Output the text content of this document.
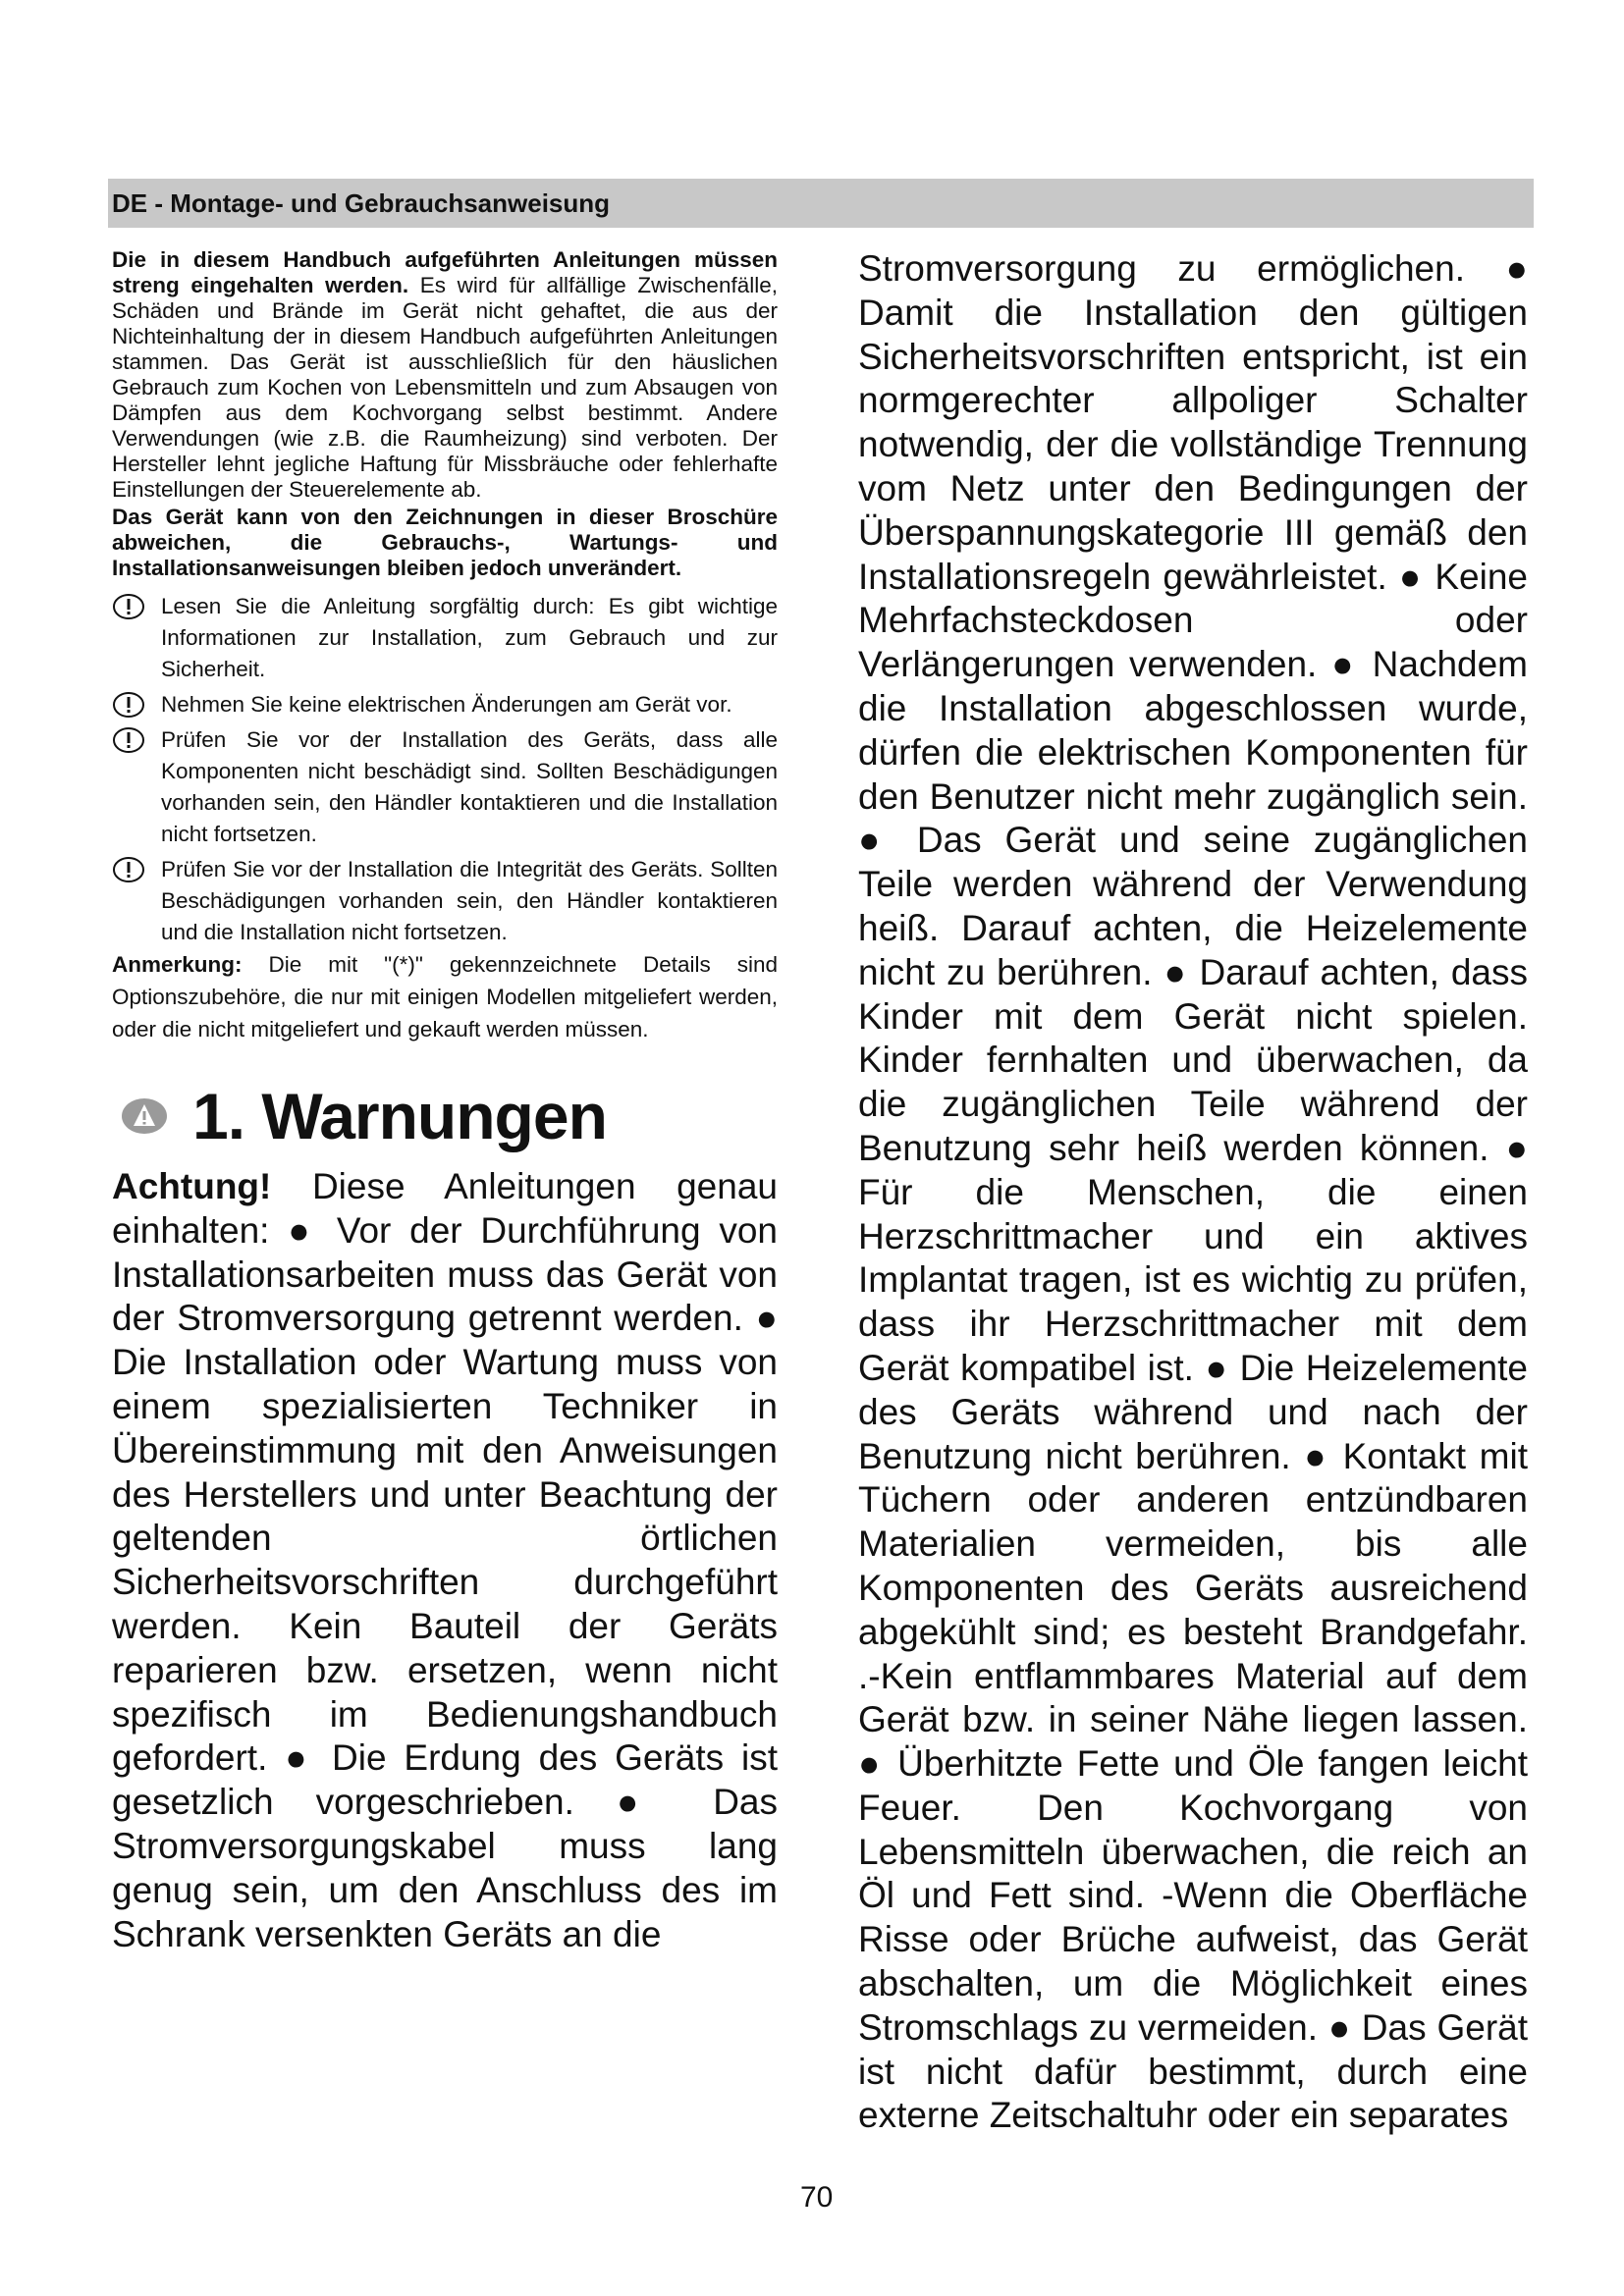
DE - Montage- und Gebrauchsanweisung

Die in diesem Handbuch aufgeführten Anleitungen müssen streng eingehalten werden. Es wird für allfällige Zwischenfälle, Schäden und Brände im Gerät nicht gehaftet, die aus der Nichteinhaltung der in diesem Handbuch aufgeführten Anleitungen stammen. Das Gerät ist ausschließlich für den häuslichen Gebrauch zum Kochen von Lebensmitteln und zum Absaugen von Dämpfen aus dem Kochvorgang selbst bestimmt. Andere Verwendungen (wie z.B. die Raumheizung) sind verboten. Der Hersteller lehnt jegliche Haftung für Missbräuche oder fehlerhafte Einstellungen der Steuerelemente ab.

Das Gerät kann von den Zeichnungen in dieser Broschüre abweichen, die Gebrauchs-, Wartungs- und Installationsanweisungen bleiben jedoch unverändert.

Lesen Sie die Anleitung sorgfältig durch: Es gibt wichtige Informationen zur Installation, zum Gebrauch und zur Sicherheit.

Nehmen Sie keine elektrischen Änderungen am Gerät vor.

Prüfen Sie vor der Installation des Geräts, dass alle Komponenten nicht beschädigt sind. Sollten Beschädigungen vorhanden sein, den Händler kontaktieren und die Installation nicht fortsetzen.

Prüfen Sie vor der Installation die Integrität des Geräts. Sollten Beschädigungen vorhanden sein, den Händler kontaktieren und die Installation nicht fortsetzen.

Anmerkung: Die mit "(*)" gekennzeichnete Details sind Optionszubehöre, die nur mit einigen Modellen mitgeliefert werden, oder die nicht mitgeliefert und gekauft werden müssen.

1. Warnungen

Achtung! Diese Anleitungen genau einhalten: ● Vor der Durchführung von Installationsarbeiten muss das Gerät von der Stromversorgung getrennt werden. ● Die Installation oder Wartung muss von einem spezialisierten Techniker in Übereinstimmung mit den Anweisungen des Herstellers und unter Beachtung der geltenden örtlichen Sicherheitsvorschriften durchgeführt werden. Kein Bauteil der Geräts reparieren bzw. ersetzen, wenn nicht spezifisch im Bedienungshandbuch gefordert. ● Die Erdung des Geräts ist gesetzlich vorgeschrieben. ● Das Stromversorgungskabel muss lang genug sein, um den Anschluss des im Schrank versenkten Geräts an die

Stromversorgung zu ermöglichen. ● Damit die Installation den gültigen Sicherheitsvorschriften entspricht, ist ein normgerechter allpoliger Schalter notwendig, der die vollständige Trennung vom Netz unter den Bedingungen der Überspannungskategorie III gemäß den Installationsregeln gewährleistet. ● Keine Mehrfachsteckdosen oder Verlängerungen verwenden. ● Nachdem die Installation abgeschlossen wurde, dürfen die elektrischen Komponenten für den Benutzer nicht mehr zugänglich sein. ● Das Gerät und seine zugänglichen Teile werden während der Verwendung heiß. Darauf achten, die Heizelemente nicht zu berühren. ● Darauf achten, dass Kinder mit dem Gerät nicht spielen. Kinder fernhalten und überwachen, da die zugänglichen Teile während der Benutzung sehr heiß werden können. ● Für die Menschen, die einen Herzschrittmacher und ein aktives Implantat tragen, ist es wichtig zu prüfen, dass ihr Herzschrittmacher mit dem Gerät kompatibel ist. ● Die Heizelemente des Geräts während und nach der Benutzung nicht berühren. ● Kontakt mit Tüchern oder anderen entzündbaren Materialien vermeiden, bis alle Komponenten des Geräts ausreichend abgekühlt sind; es besteht Brandgefahr. .-Kein entflammbares Material auf dem Gerät bzw. in seiner Nähe liegen lassen. ● Überhitzte Fette und Öle fangen leicht Feuer. Den Kochvorgang von Lebensmitteln überwachen, die reich an Öl und Fett sind. -Wenn die Oberfläche Risse oder Brüche aufweist, das Gerät abschalten, um die Möglichkeit eines Stromschlags zu vermeiden. ● Das Gerät ist nicht dafür bestimmt, durch eine externe Zeitschaltuhr oder ein separates

70
